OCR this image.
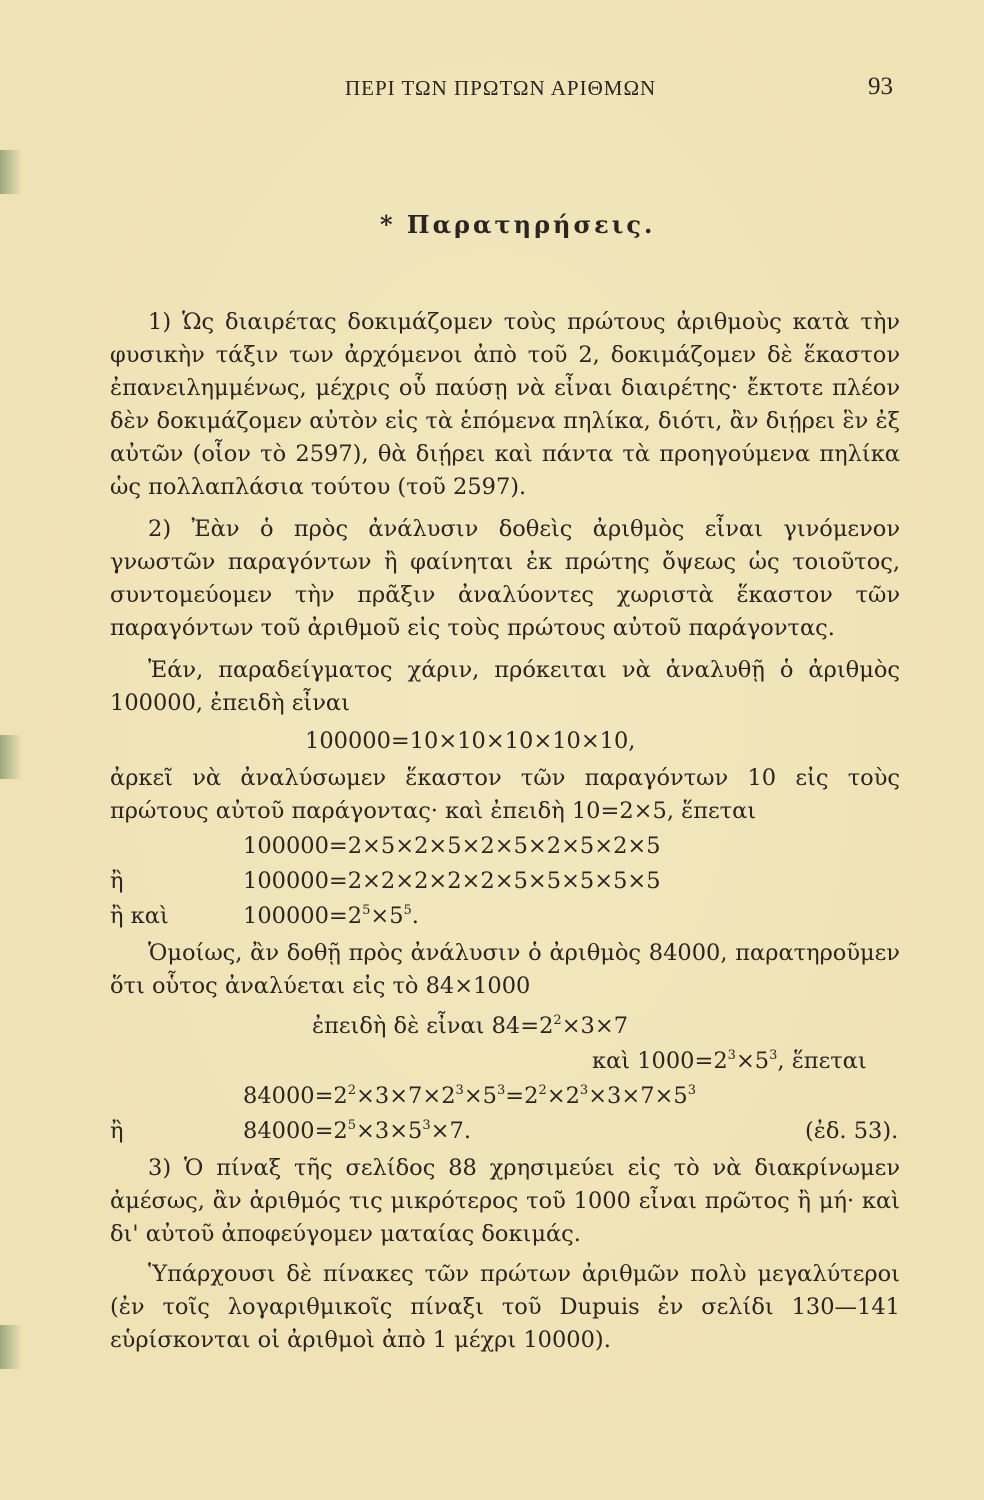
ΠΕΡΙ ΤΩΝ ΠΡΩΤΩΝ ΑΡΙΘΜΩΝ	93
* Παρατηρήσεις.

1) Ὡς διαιρέτας δοκιμάζομεν τοὺς πρώτους ἀριθμοὺς κατὰ τὴν φυσικὴν τάξιν των ἀρχόμενοι ἀπὸ τοῦ 2, δοκιμάζομεν δὲ ἕκαστον ἐπανειλημμένως, μέχρις οὗ παύσῃ νὰ εἶναι διαιρέτης· ἔκτοτε πλέον δὲν δοκιμάζομεν αὐτὸν εἰς τὰ ἑπόμενα πηλίκα, διότι, ἂν διῄρει ἓν ἐξ αὐτῶν (οἷον τὸ 2597), θὰ διῄρει καὶ πάντα τὰ προηγούμενα πηλίκα ὡς πολλαπλάσια τούτου (τοῦ 2597).

2) Ἐὰν ὁ πρὸς ἀνάλυσιν δοθεὶς ἀριθμὸς εἶναι γινόμενον γνωστῶν παραγόντων ἢ φαίνηται ἐκ πρώτης ὄψεως ὡς τοιοῦτος, συντομεύομεν τὴν πρᾶξιν ἀναλύοντες χωριστὰ ἕκαστον τῶν παραγόντων τοῦ ἀριθμοῦ εἰς τοὺς πρώτους αὐτοῦ παράγοντας.

Ἐάν, παραδείγματος χάριν, πρόκειται νὰ ἀναλυθῇ ὁ ἀριθμὸς 100000, ἐπειδὴ εἶναι

100000=10×10×10×10×10,

ἀρκεῖ νὰ ἀναλύσωμεν ἕκαστον τῶν παραγόντων 10 εἰς τοὺς πρώτους αὐτοῦ παράγοντας· καὶ ἐπειδὴ 10=2×5, ἕπεται

100000=2×5×2×5×2×5×2×5×2×5
ἢ	100000=2×2×2×2×2×5×5×5×5×5
ἢ καὶ	$100000=2^5\times 5^5$.

Ὁμοίως, ἂν δοθῇ πρὸς ἀνάλυσιν ὁ ἀριθμὸς 84000, παρατηροῦμεν ὅτι οὗτος ἀναλύεται εἰς τὸ 84×1000

ἐπειδὴ δὲ εἶναι $84=2^2\times 3\times 7$
καὶ $1000=2^3\times 5^3$, ἕπεται
$84000=2^2\times 3\times 7\times 2^3\times 5^3=2^2\times 2^3\times 3\times 7\times 5^3$
ἢ	$84000=2^5\times 3\times 5^3\times 7$.	(ἐδ. 53).

3) Ὁ πίναξ τῆς σελίδος 88 χρησιμεύει εἰς τὸ νὰ διακρίνωμεν ἀμέσως, ἂν ἀριθμός τις μικρότερος τοῦ 1000 εἶναι πρῶτος ἢ μή· καὶ δι' αὐτοῦ ἀποφεύγομεν ματαίας δοκιμάς.

Ὑπάρχουσι δὲ πίνακες τῶν πρώτων ἀριθμῶν πολὺ μεγαλύτεροι (ἐν τοῖς λογαριθμικοῖς πίναξι τοῦ Dupuis ἐν σελίδι 130—141 εὑρίσκονται οἱ ἀριθμοὶ ἀπὸ 1 μέχρι 10000).
